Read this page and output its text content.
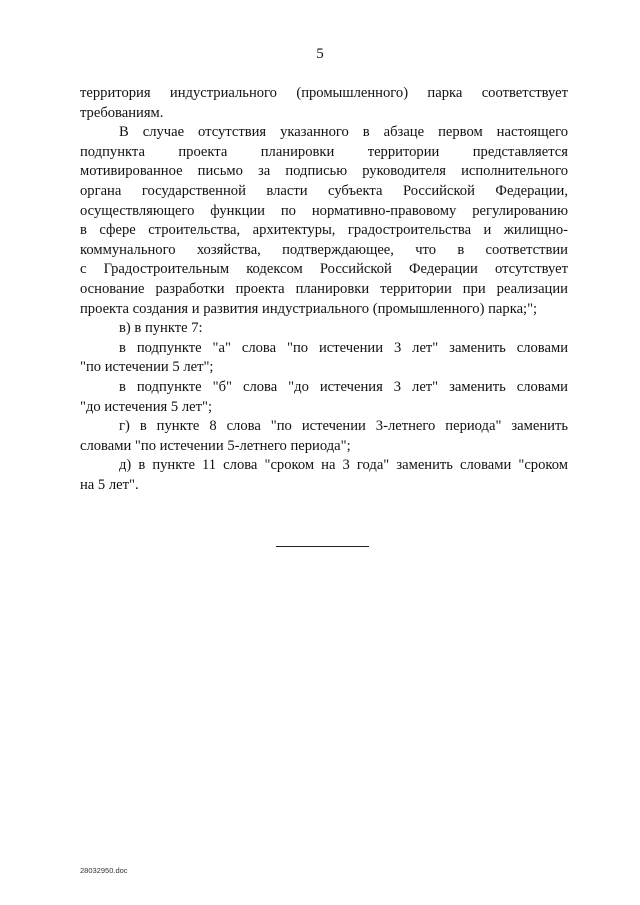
5
территория индустриального (промышленного) парка соответствует
требованиям.
В случае отсутствия указанного в абзаце первом настоящего
подпункта проекта планировки территории представляется
мотивированное письмо за подписью руководителя исполнительного
органа государственной власти субъекта Российской Федерации,
осуществляющего функции по нормативно-правовому регулированию
в сфере строительства, архитектуры, градостроительства и жилищно-
коммунального хозяйства, подтверждающее, что в соответствии
с Градостроительным кодексом Российской Федерации отсутствует
основание разработки проекта планировки территории при реализации
проекта создания и развития индустриального (промышленного) парка;";
в) в пункте 7:
в подпункте "а" слова "по истечении 3 лет" заменить словами
"по истечении 5 лет";
в подпункте "б" слова "до истечения 3 лет" заменить словами
"до истечения 5 лет";
г) в пункте 8 слова "по истечении 3-летнего периода" заменить
словами "по истечении 5-летнего периода";
д) в пункте 11 слова "сроком на 3 года" заменить словами "сроком
на 5 лет".
28032950.doc
